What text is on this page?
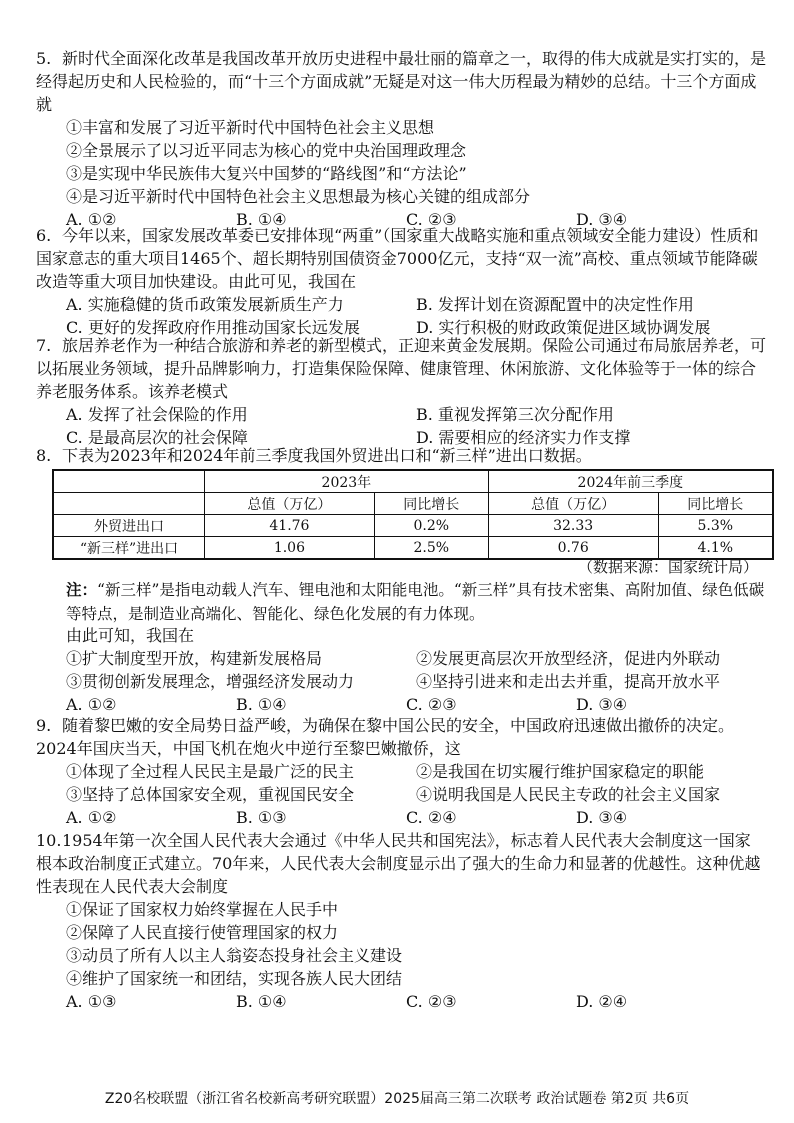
5. 新时代全面深化改革是我国改革开放历史进程中最壮丽的篇章之一，取得的伟大成就是实打实的，是经得起历史和人民检验的，而“十三个方面成就”无疑是对这一伟大历程最为精妙的总结。十三个方面成就
①丰富和发展了习近平新时代中国特色社会主义思想
②全景展示了以习近平同志为核心的党中央治国理政理念
③是实现中华民族伟大复兴中国梦的“路线图”和“方法论”
④是习近平新时代中国特色社会主义思想最为核心关键的组成部分
A. ①②	B. ①④	C. ②③	D. ③④
6. 今年以来，国家发展改革委已安排体现“两重”（国家重大战略实施和重点领域安全能力建设）性质和国家意志的重大项目1465个、超长期特别国债资金7000亿元，支持“双一流”高校、重点领域节能降碳改造等重大项目加快建设。由此可见，我国在
A. 实施稳健的货币政策发展新质生产力	B. 发挥计划在资源配置中的决定性作用
C. 更好的发挥政府作用推动国家长远发展	D. 实行积极的财政政策促进区域协调发展
7. 旅居养老作为一种结合旅游和养老的新型模式，正迎来黄金发展期。保险公司通过布局旅居养老，可以拓展业务领域，提升品牌影响力，打造集保险保障、健康管理、休闲旅游、文化体验等于一体的综合养老服务体系。该养老模式
A. 发挥了社会保险的作用	B. 重视发挥第三次分配作用
C. 是最高层次的社会保障	D. 需要相应的经济实力作支撑
8. 下表为2023年和2024年前三季度我国外贸进出口和“新三样”进出口数据。
	2023年		2024年前三季度	
	总值（万亿）	同比增长	总值（万亿）	同比增长
外贸进出口	41.76	0.2%	32.33	5.3%
“新三样”进出口	1.06	2.5%	0.76	4.1%
（数据来源：国家统计局）
注：“新三样”是指电动载人汽车、锂电池和太阳能电池。“新三样”具有技术密集、高附加值、绿色低碳等特点，是制造业高端化、智能化、绿色化发展的有力体现。
由此可知，我国在
①扩大制度型开放，构建新发展格局	②发展更高层次开放型经济，促进内外联动
③贯彻创新发展理念，增强经济发展动力	④坚持引进来和走出去并重，提高开放水平
A. ①②	B. ①④	C. ②③	D. ③④
9. 随着黎巴嫩的安全局势日益严峻，为确保在黎中国公民的安全，中国政府迅速做出撤侨的决定。2024年国庆当天，中国飞机在炮火中逆行至黎巴嫩撤侨，这
①体现了全过程人民民主是最广泛的民主	②是我国在切实履行维护国家稳定的职能
③坚持了总体国家安全观，重视国民安全	④说明我国是人民民主专政的社会主义国家
A. ①②	B. ①③	C. ②④	D. ③④
10.1954年第一次全国人民代表大会通过《中华人民共和国宪法》，标志着人民代表大会制度这一国家根本政治制度正式建立。70年来，人民代表大会制度显示出了强大的生命力和显著的优越性。这种优越性表现在人民代表大会制度
①保证了国家权力始终掌握在人民手中
②保障了人民直接行使管理国家的权力
③动员了所有人以主人翁姿态投身社会主义建设
④维护了国家统一和团结，实现各族人民大团结
A. ①③	B. ①④	C. ②③	D. ②④
Z20名校联盟（浙江省名校新高考研究联盟）2025届高三第二次联考 政治试题卷 第2页 共6页
